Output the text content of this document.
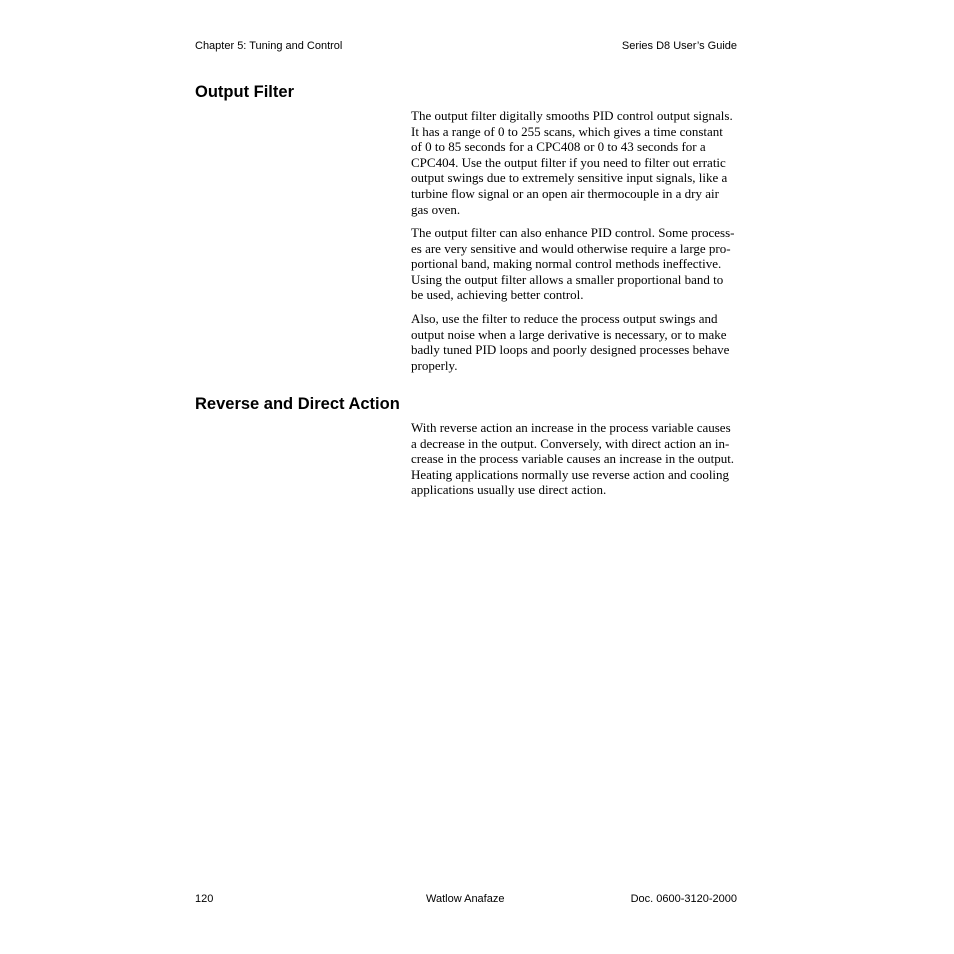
Chapter 5: Tuning and Control	Series D8 User’s Guide
Output Filter
The output filter digitally smooths PID control output signals.
It has a range of 0 to 255 scans, which gives a time constant
of 0 to 85 seconds for a CPC408 or 0 to 43 seconds for a
CPC404. Use the output filter if you need to filter out erratic
output swings due to extremely sensitive input signals, like a
turbine flow signal or an open air thermocouple in a dry air
gas oven.
The output filter can also enhance PID control. Some process-
es are very sensitive and would otherwise require a large pro-
portional band, making normal control methods ineffective.
Using the output filter allows a smaller proportional band to
be used, achieving better control.
Also, use the filter to reduce the process output swings and
output noise when a large derivative is necessary, or to make
badly tuned PID loops and poorly designed processes behave
properly.
Reverse and Direct Action
With reverse action an increase in the process variable causes
a decrease in the output. Conversely, with direct action an in-
crease in the process variable causes an increase in the output.
Heating applications normally use reverse action and cooling
applications usually use direct action.
120	Watlow Anafaze	Doc. 0600-3120-2000
